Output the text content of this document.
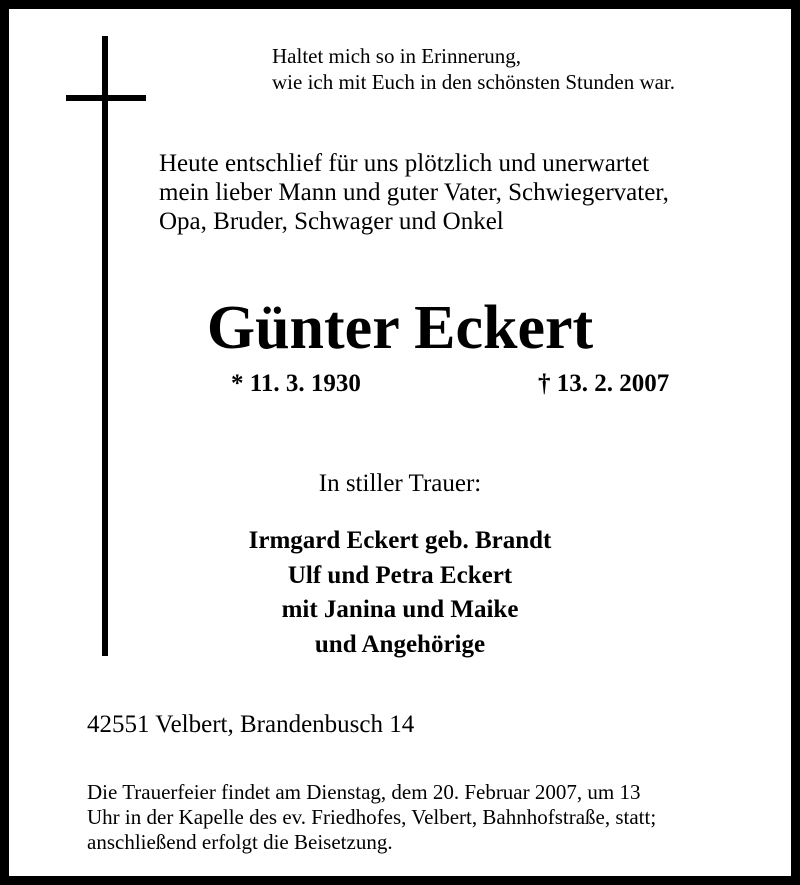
Haltet mich so in Erinnerung,
wie ich mit Euch in den schönsten Stunden war.
Heute entschlief für uns plötzlich und unerwartet
mein lieber Mann und guter Vater, Schwiegervater,
Opa, Bruder, Schwager und Onkel
Günter Eckert
* 11. 3. 1930	† 13. 2. 2007
In stiller Trauer:
Irmgard Eckert geb. Brandt
Ulf und Petra Eckert
mit Janina und Maike
und Angehörige
42551 Velbert, Brandenbusch 14
Die Trauerfeier findet am Dienstag, dem 20. Februar 2007, um 13
Uhr in der Kapelle des ev. Friedhofes, Velbert, Bahnhofstraße, statt;
anschließend erfolgt die Beisetzung.
